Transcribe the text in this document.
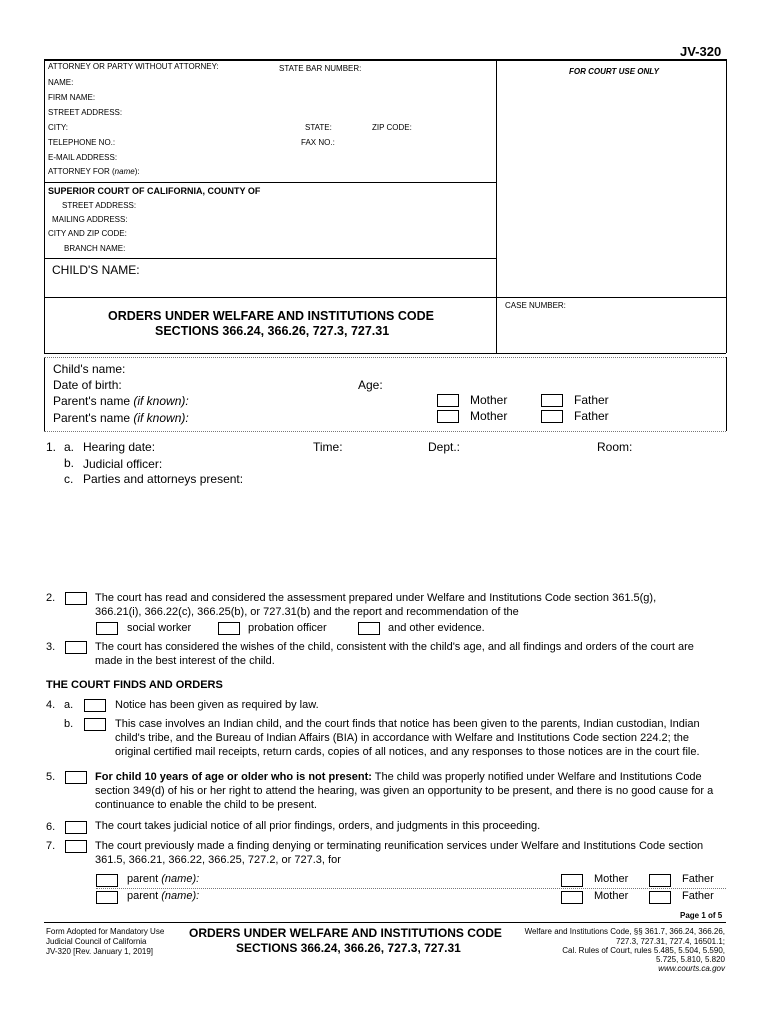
JV-320
ATTORNEY OR PARTY WITHOUT ATTORNEY:	STATE BAR NUMBER:	FOR COURT USE ONLY
NAME:
FIRM NAME:
STREET ADDRESS:
CITY:	STATE:	ZIP CODE:
TELEPHONE NO.:	FAX NO.:
E-MAIL ADDRESS:
ATTORNEY FOR (name):
SUPERIOR COURT OF CALIFORNIA, COUNTY OF
STREET ADDRESS:
MAILING ADDRESS:
CITY AND ZIP CODE:
BRANCH NAME:
CHILD'S NAME:
ORDERS UNDER WELFARE AND INSTITUTIONS CODE
SECTIONS 366.24, 366.26, 727.3, 727.31
CASE NUMBER:
Child's name:
Date of birth:	Age:
Parent's name (if known):	Mother	Father
Parent's name (if known):	Mother	Father
1. a. Hearing date:	Time:	Dept.:	Room:
b. Judicial officer:
c. Parties and attorneys present:
2.	The court has read and considered the assessment prepared under Welfare and Institutions Code section 361.5(g),
366.21(i), 366.22(c), 366.25(b), or 727.31(b) and the report and recommendation of the
social worker	probation officer	and other evidence.
3.	The court has considered the wishes of the child, consistent with the child's age, and all findings and orders of the court are made in the best interest of the child.
THE COURT FINDS AND ORDERS
4. a.	Notice has been given as required by law.
b.	This case involves an Indian child, and the court finds that notice has been given to the parents, Indian custodian, Indian child's tribe, and the Bureau of Indian Affairs (BIA) in accordance with Welfare and Institutions Code section 224.2; the original certified mail receipts, return cards, copies of all notices, and any responses to those notices are in the court file.
5.	For child 10 years of age or older who is not present: The child was properly notified under Welfare and Institutions Code section 349(d) of his or her right to attend the hearing, was given an opportunity to be present, and there is no good cause for a continuance to enable the child to be present.
6.	The court takes judicial notice of all prior findings, orders, and judgments in this proceeding.
7.	The court previously made a finding denying or terminating reunification services under Welfare and Institutions Code section 361.5, 366.21, 366.22, 366.25, 727.2, or 727.3, for
parent (name):	Mother	Father
parent (name):	Mother	Father
Page 1 of 5
Form Adopted for Mandatory Use
Judicial Council of California
JV-320 [Rev. January 1, 2019]
ORDERS UNDER WELFARE AND INSTITUTIONS CODE
SECTIONS 366.24, 366.26, 727.3, 727.31
Welfare and Institutions Code, §§ 361.7, 366.24, 366.26,
727.3, 727.31, 727.4, 16501.1;
Cal. Rules of Court, rules 5.485, 5.504, 5.590,
5.725, 5.810, 5.820
www.courts.ca.gov
